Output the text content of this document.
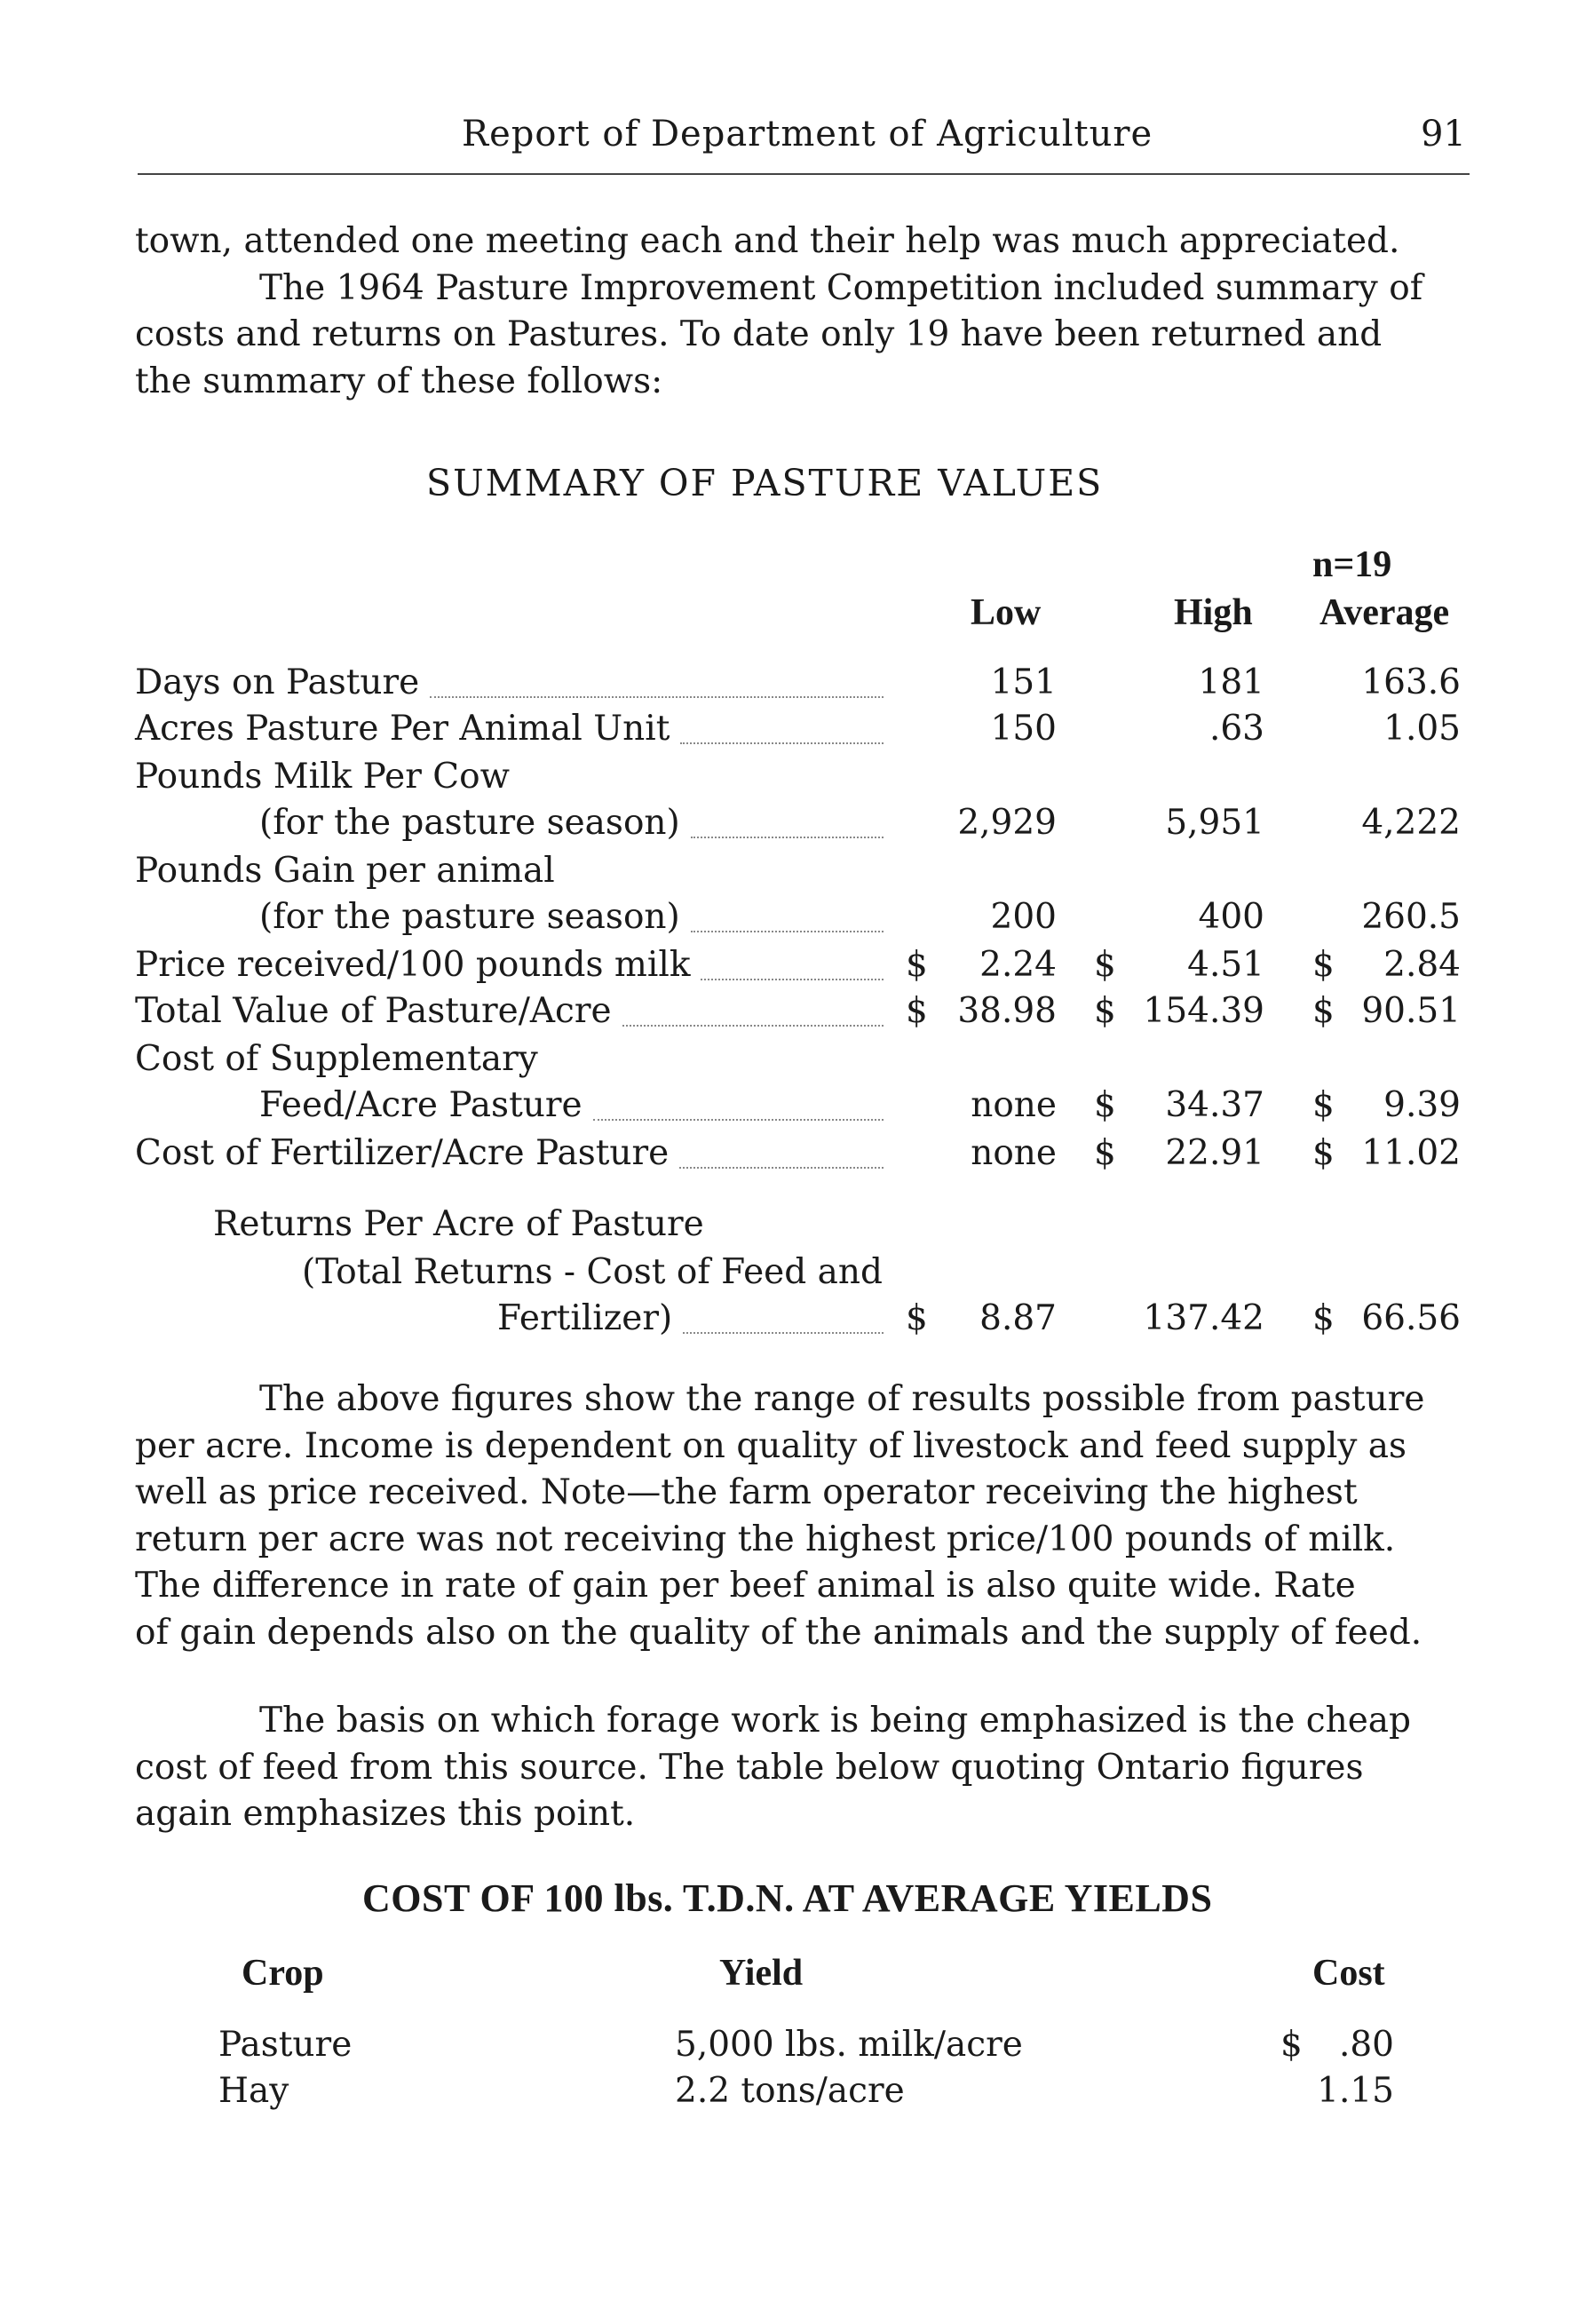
Report of Department of Agriculture	91

town, attended one meeting each and their help was much appreciated.

The 1964 Pasture Improvement Competition included summary of

costs and returns on Pastures. To date only 19 have been returned and

the summary of these follows:

SUMMARY OF PASTURE VALUES
n=19
Low	High Average
Days on Pasture	151	181	163.6
Acres Pasture Per Animal Unit	150	.63	1.05
Pounds Milk Per Cow
(for the pasture season)	2,929	5,951	4,222
Pounds Gain per animal
(for the pasture season)	200	400	260.5
Price received/100 pounds milk	$	2.24 $	4.51 $	2.84
Total Value of Pasture/Acre	$ 38.98 $ 154.39 $ 90.51
Cost of Supplementary
Feed/Acre Pasture	none $	34.37 $	9.39
Cost of Fertilizer/Acre Pasture	none $	22.91 $ 11.02
Returns Per Acre of Pasture
(Total Returns - Cost of Feed and
Fertilizer)	$	8.87	137.42 $ 66.56

The above figures show the range of results possible from pasture

per acre. Income is dependent on quality of livestock and feed supply as

well as price received. Note—the farm operator receiving the highest

return per acre was not receiving the highest price/100 pounds of milk.

The difference in rate of gain per beef animal is also quite wide. Rate

of gain depends also on the quality of the animals and the supply of feed.

The basis on which forage work is being emphasized is the cheap

cost of feed from this source. The table below quoting Ontario figures

again emphasizes this point.

COST OF 100 lbs. T.D.N. AT AVERAGE YIELDS
Crop	Yield	Cost
Pasture	5,000 lbs. milk/acre	$	.80
Hay	2.2 tons/acre	1.15
